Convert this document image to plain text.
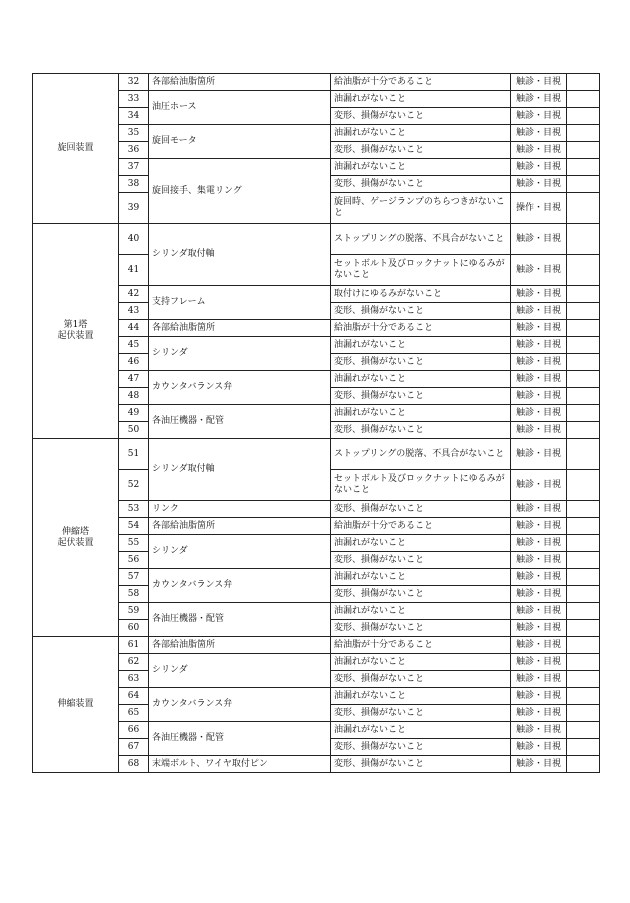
旋回装置	32	各部給油脂箇所	給油脂が十分であること	触診・目視	
	33	油圧ホース	油漏れがないこと	触診・目視	
	34		変形、損傷がないこと	触診・目視	
	35	旋回モータ	油漏れがないこと	触診・目視	
	36		変形、損傷がないこと	触診・目視	
	37	旋回接手、集電リング	油漏れがないこと	触診・目視	
	38		変形、損傷がないこと	触診・目視	
	39		旋回時、ゲージランプのちらつきがないこと	操作・目視	
第1塔
起伏装置	40	シリンダ取付軸	ストップリングの脱落、不具合がないこと	触診・目視	
	41		セットボルト及びロックナットにゆるみがないこと	触診・目視	
	42	支持フレーム	取付けにゆるみがないこと	触診・目視	
	43		変形、損傷がないこと	触診・目視	
	44	各部給油脂箇所	給油脂が十分であること	触診・目視	
	45	シリンダ	油漏れがないこと	触診・目視	
	46		変形、損傷がないこと	触診・目視	
	47	カウンタバランス弁	油漏れがないこと	触診・目視	
	48		変形、損傷がないこと	触診・目視	
	49	各油圧機器・配管	油漏れがないこと	触診・目視	
	50		変形、損傷がないこと	触診・目視	
伸縮塔
起伏装置	51	シリンダ取付軸	ストップリングの脱落、不具合がないこと	触診・目視	
	52		セットボルト及びロックナットにゆるみがないこと	触診・目視	
	53	リンク	変形、損傷がないこと	触診・目視	
	54	各部給油脂箇所	給油脂が十分であること	触診・目視	
	55	シリンダ	油漏れがないこと	触診・目視	
	56		変形、損傷がないこと	触診・目視	
	57	カウンタバランス弁	油漏れがないこと	触診・目視	
	58		変形、損傷がないこと	触診・目視	
	59	各油圧機器・配管	油漏れがないこと	触診・目視	
	60		変形、損傷がないこと	触診・目視	
伸縮装置	61	各部給油脂箇所	給油脂が十分であること	触診・目視	
	62	シリンダ	油漏れがないこと	触診・目視	
	63		変形、損傷がないこと	触診・目視	
	64	カウンタバランス弁	油漏れがないこと	触診・目視	
	65		変形、損傷がないこと	触診・目視	
	66	各油圧機器・配管	油漏れがないこと	触診・目視	
	67		変形、損傷がないこと	触診・目視	
	68	末端ボルト、ワイヤ取付ピン	変形、損傷がないこと	触診・目視	
